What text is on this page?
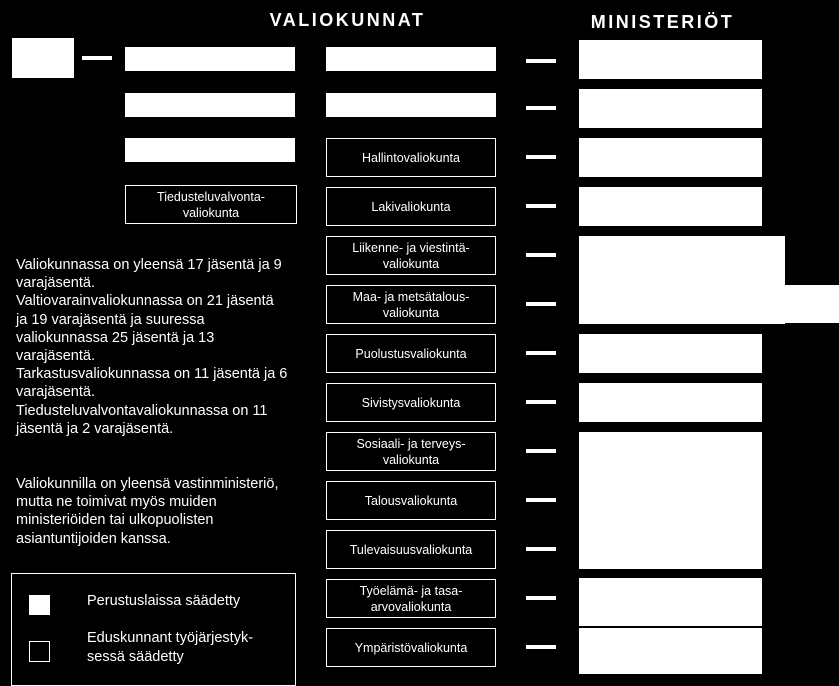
VALIOKUNNAT	MINISTERIÖT
Tiedusteluvalvonta-
valiokunta
Hallintovaliokunta
Lakivaliokunta
Liikenne- ja viestintä-
valiokunta
Maa- ja metsätalous-
valiokunta
Puolustusvaliokunta
Sivistysvaliokunta
Sosiaali- ja terveys-
valiokunta
Talousvaliokunta
Tulevaisuusvaliokunta
Työelämä- ja tasa-
arvovaliokunta
Ympäristövaliokunta
Valiokunnassa on yleensä 17 jäsentä ja 9 varajäsentä.
Valtiovarainvaliokunnassa on 21 jäsentä ja 19 varajäsentä ja suuressa valiokunnassa 25 jäsentä ja 13 varajäsentä.
Tarkastusvaliokunnassa on 11 jäsentä ja 6 varajäsentä.
Tiedusteluvalvontavaliokunnassa on 11 jäsentä ja 2 varajäsentä.
Valiokunnilla on yleensä vastinministeriö, mutta ne toimivat myös muiden ministeriöiden tai ulkopuolisten asiantuntijoiden kanssa.
Perustuslaissa säädetty
Eduskunnant työjärjestyk-
sessä säädetty
